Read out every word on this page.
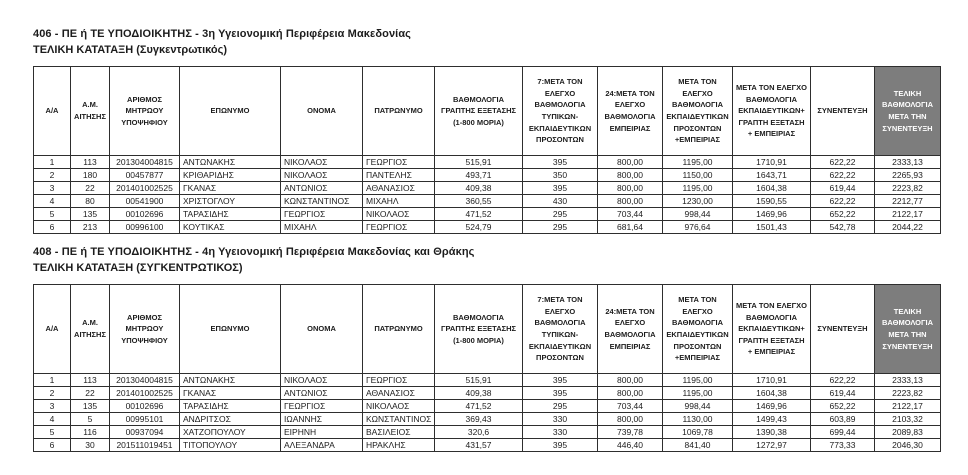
406 - ΠΕ ή ΤΕ ΥΠΟΔΙΟΙΚΗΤΗΣ - 3η Υγειονομική Περιφέρεια Μακεδονίας
ΤΕΛΙΚΗ ΚΑΤΑΤΑΞΗ (Συγκεντρωτικός)
Α/Α	Α.Μ. ΑΙΤΗΣΗΣ	ΑΡΙΘΜΟΣ ΜΗΤΡΩΟΥ ΥΠΟΨΗΦΙΟΥ	ΕΠΩΝΥΜΟ	ΟΝΟΜΑ	ΠΑΤΡΩΝΥΜΟ	ΒΑΘΜΟΛΟΓΙΑ ΓΡΑΠΤΗΣ ΕΞΕΤΑΣΗΣ (1-800 ΜΟΡΙΑ)	7:ΜΕΤΑ ΤΟΝ ΕΛΕΓΧΟ ΒΑΘΜΟΛΟΓΙΑ ΤΥΠΙΚΩΝ-ΕΚΠΑΙΔΕΥΤΙΚΩΝ ΠΡΟΣΟΝΤΩΝ	24:ΜΕΤΑ ΤΟΝ ΕΛΕΓΧΟ ΒΑΘΜΟΛΟΓΙΑ ΕΜΠΕΙΡΙΑΣ	ΜΕΤΑ ΤΟΝ ΕΛΕΓΧΟ ΒΑΘΜΟΛΟΓΙΑ ΕΚΠΑΙΔΕΥΤΙΚΩΝ ΠΡΟΣΟΝΤΩΝ +ΕΜΠΕΙΡΙΑΣ	ΜΕΤΑ ΤΟΝ ΕΛΕΓΧΟ ΒΑΘΜΟΛΟΓΙΑ ΕΚΠΑΙΔΕΥΤΙΚΩΝ+ ΓΡΑΠΤΗ ΕΞΕΤΑΣΗ + ΕΜΠΕΙΡΙΑΣ	ΣΥΝΕΝΤΕΥΞΗ	ΤΕΛΙΚΗ ΒΑΘΜΟΛΟΓΙΑ ΜΕΤΑ ΤΗΝ ΣΥΝΕΝΤΕΥΞΗ
1	113	201304004815	ΑΝΤΩΝΑΚΗΣ	ΝΙΚΟΛΑΟΣ	ΓΕΩΡΓΙΟΣ	515,91	395	800,00	1195,00	1710,91	622,22	2333,13
2	180	00457877	ΚΡΙΘΑΡΙΔΗΣ	ΝΙΚΟΛΑΟΣ	ΠΑΝΤΕΛΗΣ	493,71	350	800,00	1150,00	1643,71	622,22	2265,93
3	22	201401002525	ΓΚΑΝΑΣ	ΑΝΤΩΝΙΟΣ	ΑΘΑΝΑΣΙΟΣ	409,38	395	800,00	1195,00	1604,38	619,44	2223,82
4	80	00541900	ΧΡΙΣΤΟΓΛΟΥ	ΚΩΝΣΤΑΝΤΙΝΟΣ	ΜΙΧΑΗΛ	360,55	430	800,00	1230,00	1590,55	622,22	2212,77
5	135	00102696	ΤΑΡΑΣΙΔΗΣ	ΓΕΩΡΓΙΟΣ	ΝΙΚΟΛΑΟΣ	471,52	295	703,44	998,44	1469,96	652,22	2122,17
6	213	00996100	ΚΟΥΤΙΚΑΣ	ΜΙΧΑΗΛ	ΓΕΩΡΓΙΟΣ	524,79	295	681,64	976,64	1501,43	542,78	2044,22
408 - ΠΕ ή ΤΕ ΥΠΟΔΙΟΙΚΗΤΗΣ - 4η Υγειονομική Περιφέρεια Μακεδονίας και Θράκης
ΤΕΛΙΚΗ ΚΑΤΑΤΑΞΗ (ΣΥΓΚΕΝΤΡΩΤΙΚΟΣ)
Α/Α	Α.Μ. ΑΙΤΗΣΗΣ	ΑΡΙΘΜΟΣ ΜΗΤΡΩΟΥ ΥΠΟΨΗΦΙΟΥ	ΕΠΩΝΥΜΟ	ΟΝΟΜΑ	ΠΑΤΡΩΝΥΜΟ	ΒΑΘΜΟΛΟΓΙΑ ΓΡΑΠΤΗΣ ΕΞΕΤΑΣΗΣ (1-800 ΜΟΡΙΑ)	7:ΜΕΤΑ ΤΟΝ ΕΛΕΓΧΟ ΒΑΘΜΟΛΟΓΙΑ ΤΥΠΙΚΩΝ-ΕΚΠΑΙΔΕΥΤΙΚΩΝ ΠΡΟΣΟΝΤΩΝ	24:ΜΕΤΑ ΤΟΝ ΕΛΕΓΧΟ ΒΑΘΜΟΛΟΓΙΑ ΕΜΠΕΙΡΙΑΣ	ΜΕΤΑ ΤΟΝ ΕΛΕΓΧΟ ΒΑΘΜΟΛΟΓΙΑ ΕΚΠΑΙΔΕΥΤΙΚΩΝ ΠΡΟΣΟΝΤΩΝ +ΕΜΠΕΙΡΙΑΣ	ΜΕΤΑ ΤΟΝ ΕΛΕΓΧΟ ΒΑΘΜΟΛΟΓΙΑ ΕΚΠΑΙΔΕΥΤΙΚΩΝ+ ΓΡΑΠΤΗ ΕΞΕΤΑΣΗ + ΕΜΠΕΙΡΙΑΣ	ΣΥΝΕΝΤΕΥΞΗ	ΤΕΛΙΚΗ ΒΑΘΜΟΛΟΓΙΑ ΜΕΤΑ ΤΗΝ ΣΥΝΕΝΤΕΥΞΗ
1	113	201304004815	ΑΝΤΩΝΑΚΗΣ	ΝΙΚΟΛΑΟΣ	ΓΕΩΡΓΙΟΣ	515,91	395	800,00	1195,00	1710,91	622,22	2333,13
2	22	201401002525	ΓΚΑΝΑΣ	ΑΝΤΩΝΙΟΣ	ΑΘΑΝΑΣΙΟΣ	409,38	395	800,00	1195,00	1604,38	619,44	2223,82
3	135	00102696	ΤΑΡΑΣΙΔΗΣ	ΓΕΩΡΓΙΟΣ	ΝΙΚΟΛΑΟΣ	471,52	295	703,44	998,44	1469,96	652,22	2122,17
4	5	00995101	ΑΝΔΡΙΤΣΟΣ	ΙΩΑΝΝΗΣ	ΚΩΝΣΤΑΝΤΙΝΟΣ	369,43	330	800,00	1130,00	1499,43	603,89	2103,32
5	116	00937094	ΧΑΤΖΟΠΟΥΛΟΥ	ΕΙΡΗΝΗ	ΒΑΣΙΛΕΙΟΣ	320,6	330	739,78	1069,78	1390,38	699,44	2089,83
6	30	201511019451	ΤΙΤΟΠΟΥΛΟΥ	ΑΛΕΞΑΝΔΡΑ	ΗΡΑΚΛΗΣ	431,57	395	446,40	841,40	1272,97	773,33	2046,30
